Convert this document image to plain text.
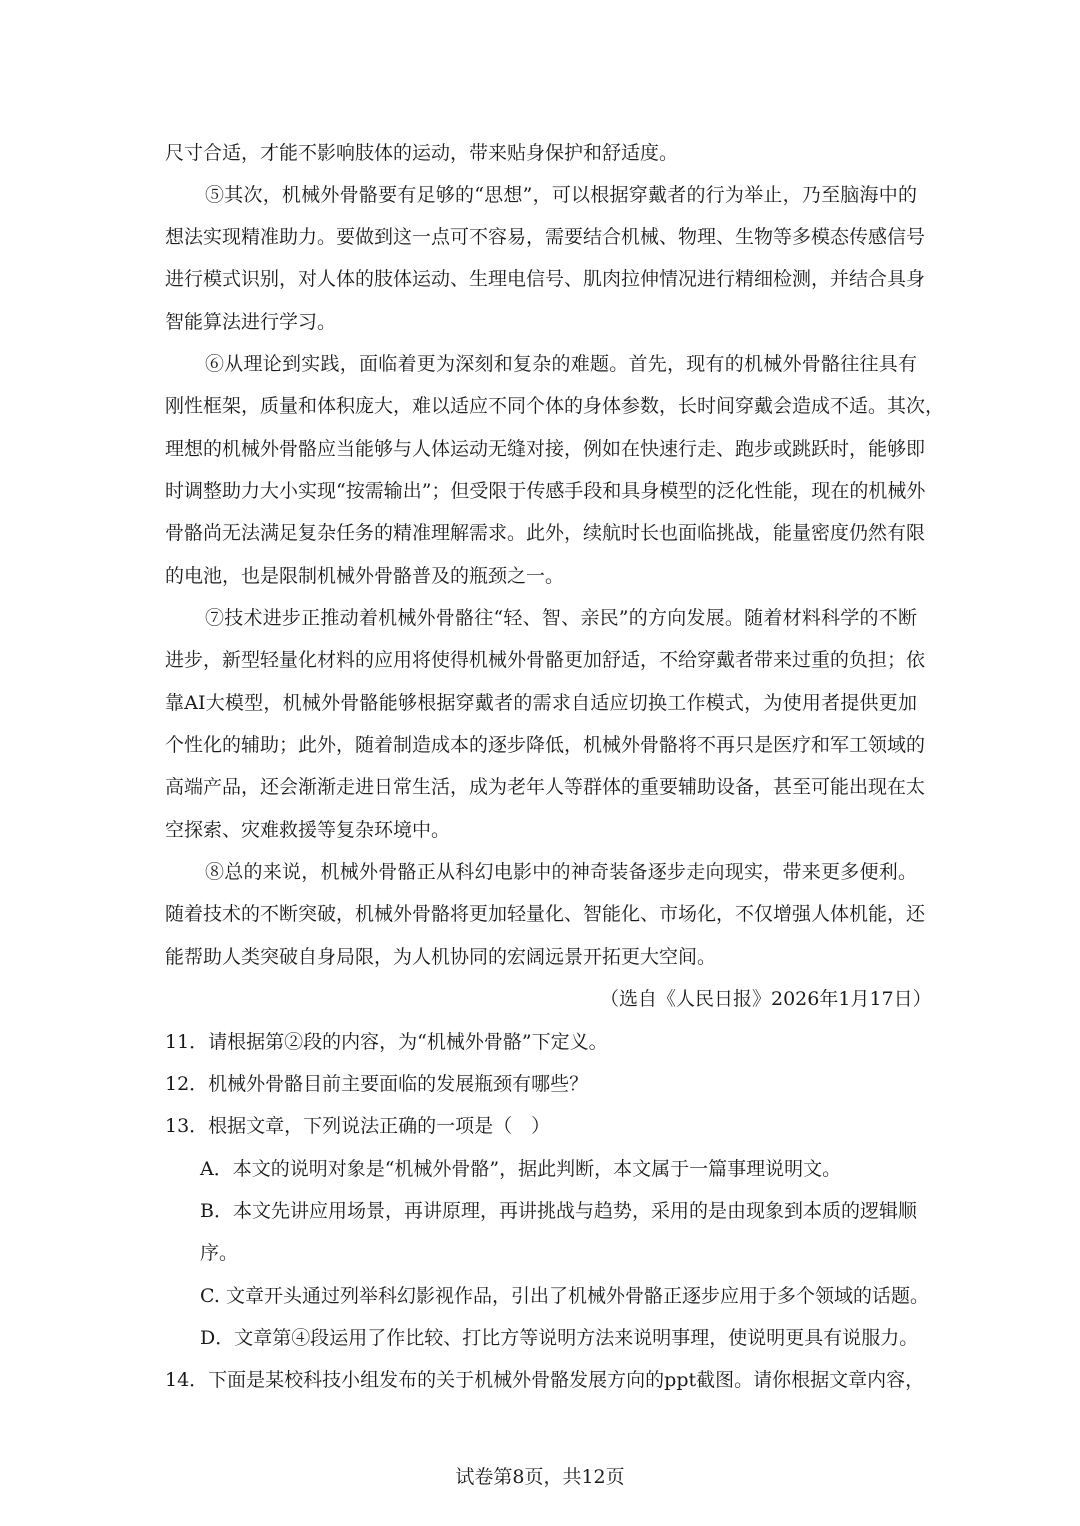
尺寸合适，才能不影响肢体的运动，带来贴身保护和舒适度。
⑤其次，机械外骨骼要有足够的“思想”，可以根据穿戴者的行为举止，乃至脑海中的
想法实现精准助力。要做到这一点可不容易，需要结合机械、物理、生物等多模态传感信号
进行模式识别，对人体的肢体运动、生理电信号、肌肉拉伸情况进行精细检测，并结合具身
智能算法进行学习。
⑥从理论到实践，面临着更为深刻和复杂的难题。首先，现有的机械外骨骼往往具有
刚性框架，质量和体积庞大，难以适应不同个体的身体参数，长时间穿戴会造成不适。其次，
理想的机械外骨骼应当能够与人体运动无缝对接，例如在快速行走、跑步或跳跃时，能够即
时调整助力大小实现“按需输出”；但受限于传感手段和具身模型的泛化性能，现在的机械外
骨骼尚无法满足复杂任务的精准理解需求。此外，续航时长也面临挑战，能量密度仍然有限
的电池，也是限制机械外骨骼普及的瓶颈之一。
⑦技术进步正推动着机械外骨骼往“轻、智、亲民”的方向发展。随着材料科学的不断
进步，新型轻量化材料的应用将使得机械外骨骼更加舒适，不给穿戴者带来过重的负担；依
靠AI大模型，机械外骨骼能够根据穿戴者的需求自适应切换工作模式，为使用者提供更加
个性化的辅助；此外，随着制造成本的逐步降低，机械外骨骼将不再只是医疗和军工领域的
高端产品，还会渐渐走进日常生活，成为老年人等群体的重要辅助设备，甚至可能出现在太
空探索、灾难救援等复杂环境中。
⑧总的来说，机械外骨骼正从科幻电影中的神奇装备逐步走向现实，带来更多便利。
随着技术的不断突破，机械外骨骼将更加轻量化、智能化、市场化，不仅增强人体机能，还
能帮助人类突破自身局限，为人机协同的宏阔远景开拓更大空间。
（选自《人民日报》2026年1月17日）
11．请根据第②段的内容，为“机械外骨骼”下定义。
12．机械外骨骼目前主要面临的发展瓶颈有哪些？
13．根据文章，下列说法正确的一项是（　）
A．本文的说明对象是“机械外骨骼”，据此判断，本文属于一篇事理说明文。
B．本文先讲应用场景，再讲原理，再讲挑战与趋势，采用的是由现象到本质的逻辑顺
序。
C. 文章开头通过列举科幻影视作品，引出了机械外骨骼正逐步应用于多个领域的话题。
D．文章第④段运用了作比较、打比方等说明方法来说明事理，使说明更具有说服力。
14．下面是某校科技小组发布的关于机械外骨骼发展方向的ppt截图。请你根据文章内容，
试卷第8页，共12页
